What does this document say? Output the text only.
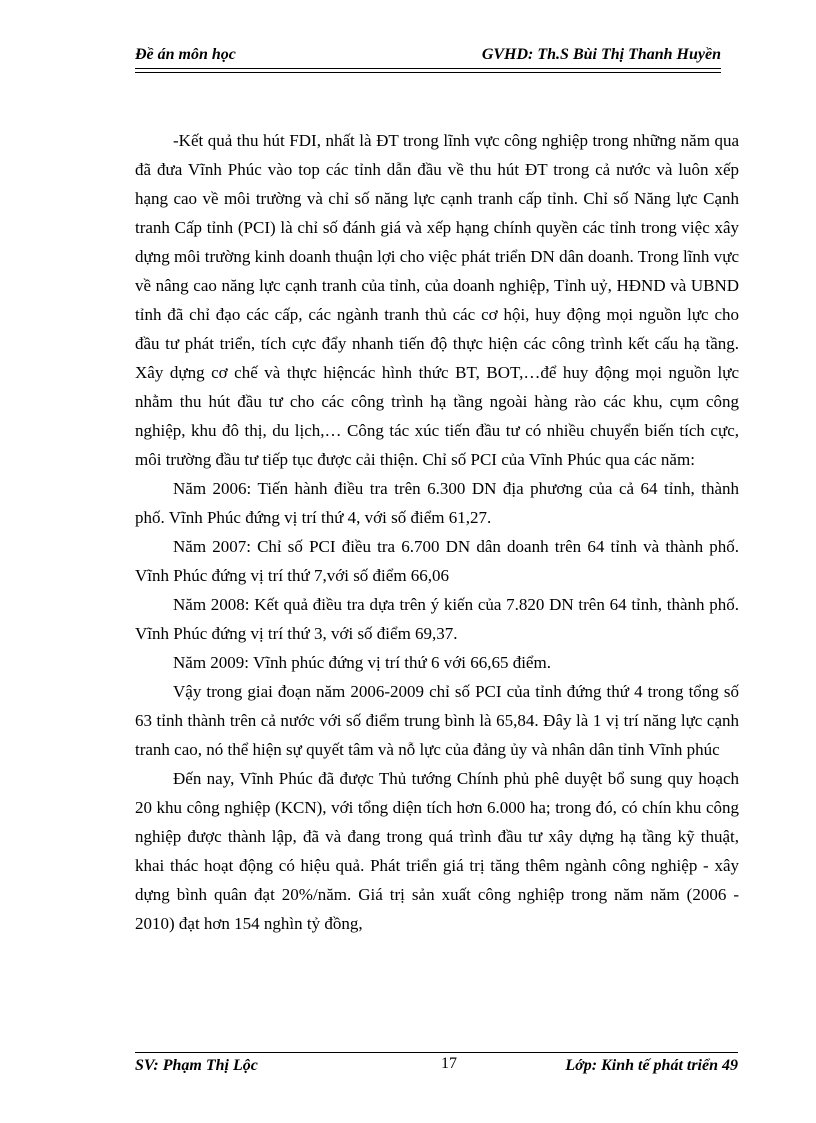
Đề án môn học	GVHD: Th.S Bùi Thị Thanh Huyền

-Kết quả thu hút FDI, nhất là ĐT trong lĩnh vực công nghiệp trong những năm qua đã đưa Vĩnh Phúc vào top các tỉnh dẫn đầu về thu hút ĐT trong cả nước và luôn xếp hạng cao về môi trường và chỉ số năng lực cạnh tranh cấp tỉnh. Chỉ số Năng lực Cạnh tranh Cấp tỉnh (PCI) là chỉ số đánh giá và xếp hạng chính quyền các tỉnh trong việc xây dựng môi trường kinh doanh thuận lợi cho việc phát triển DN dân doanh. Trong lĩnh vực về nâng cao năng lực cạnh tranh của tỉnh, của doanh nghiệp, Tỉnh uỷ, HĐND và UBND tỉnh đã chỉ đạo các cấp, các ngành tranh thủ các cơ hội, huy động mọi nguồn lực cho đầu tư phát triển, tích cực đẩy nhanh tiến độ thực hiện các công trình kết cấu hạ tầng. Xây dựng cơ chế và thực hiệncác hình thức BT, BOT,…để huy động mọi nguồn lực nhằm thu hút đầu tư cho các công trình hạ tầng ngoài hàng rào các khu, cụm công nghiệp, khu đô thị, du lịch,… Công tác xúc tiến đầu tư có nhiều chuyển biến tích cực, môi trường đầu tư tiếp tục được cải thiện. Chỉ số PCI của Vĩnh Phúc qua các năm:

Năm 2006: Tiến hành điều tra trên 6.300 DN địa phương của cả 64 tỉnh, thành phố. Vĩnh Phúc đứng vị trí thứ 4, với số điểm 61,27.

Năm 2007: Chỉ số PCI điều tra 6.700 DN dân doanh trên 64 tỉnh và thành phố. Vĩnh Phúc đứng vị trí thứ 7,với số điểm 66,06

Năm 2008: Kết quả điều tra dựa trên ý kiến của 7.820 DN trên 64 tỉnh, thành phố. Vĩnh Phúc đứng vị trí thứ 3, với số điểm 69,37.

Năm 2009: Vĩnh phúc đứng vị trí thứ 6 với 66,65 điểm.

Vậy trong giai đoạn năm 2006-2009 chỉ số PCI của tỉnh đứng thứ 4 trong tổng số 63 tỉnh thành trên cả nước với số điểm trung bình là 65,84. Đây là 1 vị trí năng lực cạnh tranh cao, nó thể hiện sự quyết tâm và nỗ lực của đảng ủy và nhân dân tỉnh Vĩnh phúc

Đến nay, Vĩnh Phúc đã được Thủ tướng Chính phủ phê duyệt bổ sung quy hoạch 20 khu công nghiệp (KCN), với tổng diện tích hơn 6.000 ha; trong đó, có chín khu công nghiệp được thành lập, đã và đang trong quá trình đầu tư xây dựng hạ tầng kỹ thuật, khai thác hoạt động có hiệu quả. Phát triển giá trị tăng thêm ngành công nghiệp - xây dựng bình quân đạt 20%/năm. Giá trị sản xuất công nghiệp trong năm năm (2006 - 2010) đạt hơn 154 nghìn tỷ đồng,

SV: Phạm Thị Lộc	17	Lớp: Kinh tế phát triển 49
